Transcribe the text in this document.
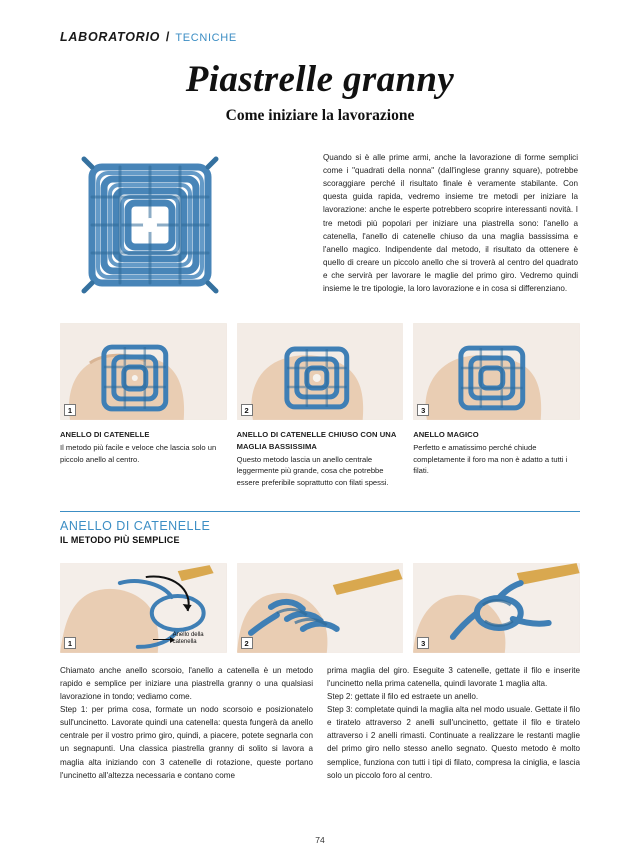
LABORATORIO / TECNICHE
Piastrelle granny
Come iniziare la lavorazione
Quando si è alle prime armi, anche la lavorazione di forme semplici come i "quadrati della nonna" (dall'inglese granny square), potrebbe scoraggiare perché il risultato finale è veramente stabilante. Con questa guida rapida, vedremo insieme tre metodi per iniziare la lavorazione: anche le esperte potrebbero scoprire interessanti novità. I tre metodi più popolari per iniziare una piastrella sono: l'anello a catenella, l'anello di catenelle chiuso da una maglia bassissima e l'anello magico. Indipendente dal metodo, il risultato da ottenere è quello di creare un piccolo anello che si troverà al centro del quadrato e che servirà per lavorare le maglie del primo giro. Vedremo quindi insieme le tre tipologie, la loro lavorazione e in cosa si differenziano.
1	2	3
ANELLO DI CATENELLE
Il metodo più facile e veloce che lascia solo un piccolo anello al centro.
ANELLO DI CATENELLE CHIUSO CON UNA MAGLIA BASSISSIMA
Questo metodo lascia un anello centrale leggermente più grande, cosa che potrebbe essere preferibile soprattutto con filati spessi.
ANELLO MAGICO
Perfetto e amatissimo perché chiude completamente il foro ma non è adatto a tutti i filati.
ANELLO DI CATENELLE
IL METODO PIÙ SEMPLICE
Anello della catenella
1	2	3

Chiamato anche anello scorsoio, l'anello a catenella è un metodo rapido e semplice per iniziare una piastrella granny o una qualsiasi lavorazione in tondo; vediamo come.

Step 1: per prima cosa, formate un nodo scorsoio e posizionatelo sull'uncinetto. Lavorate quindi una catenella: questa fungerà da anello centrale per il vostro primo giro, quindi, a piacere, potete segnarla con un segnapunti. Una classica piastrella granny di solito si lavora a maglia alta iniziando con 3 catenelle di rotazione, queste portano l'uncinetto all'altezza necessaria e contano come

prima maglia del giro. Eseguite 3 catenelle, gettate il filo e inserite l'uncinetto nella prima catenella, quindi lavorate 1 maglia alta.

Step 2: gettate il filo ed estraete un anello.

Step 3: completate quindi la maglia alta nel modo usuale. Gettate il filo e tiratelo attraverso 2 anelli sull'uncinetto, gettate il filo e tiratelo attraverso i 2 anelli rimasti. Continuate a realizzare le restanti maglie del primo giro nello stesso anello segnato. Questo metodo è molto semplice, funziona con tutti i tipi di filato, compresa la ciniglia, e lascia solo un piccolo foro al centro.

74
